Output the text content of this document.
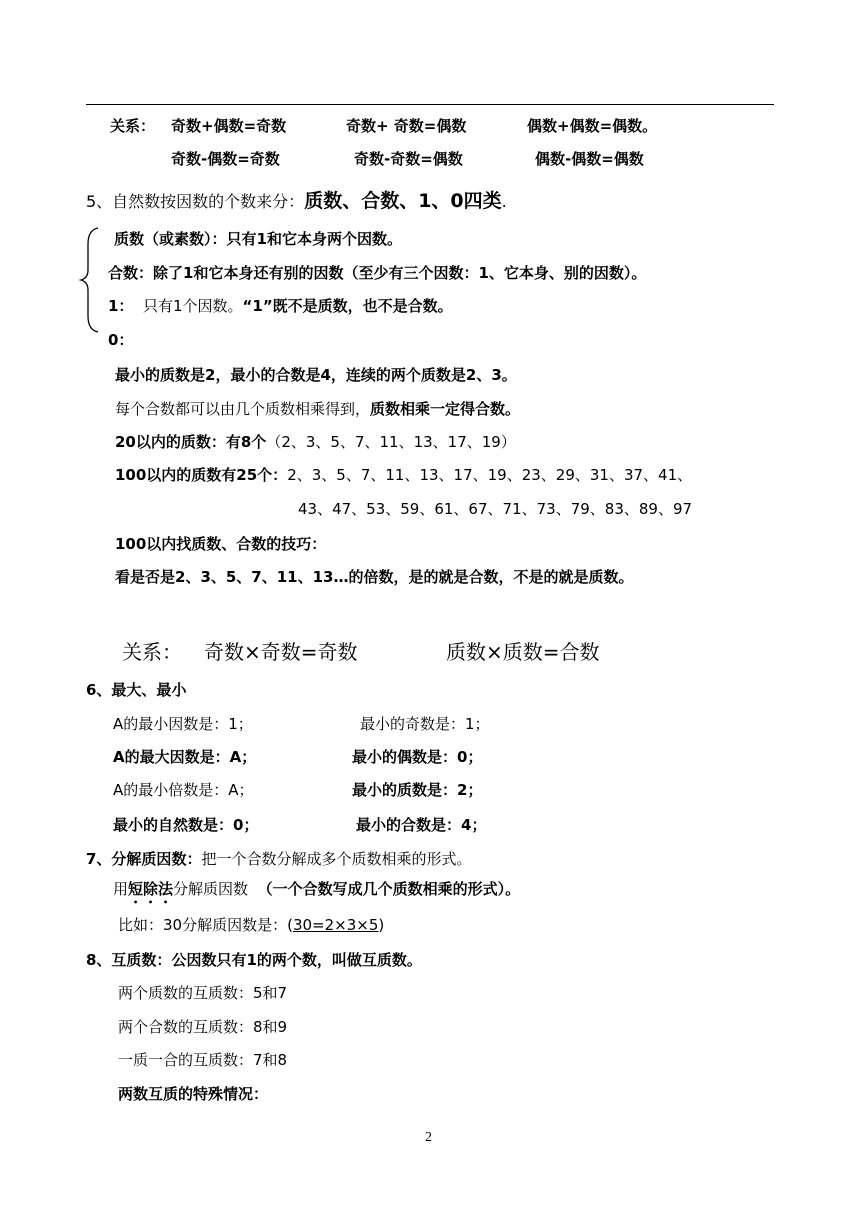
关系： 奇数+偶数=奇数	奇数+ 奇数=偶数	偶数+偶数=偶数。
奇数-偶数=奇数	奇数-奇数=偶数	偶数-偶数=偶数
5、自然数按因数的个数来分：质数、合数、1、0四类.
质数（或素数）：只有1和它本身两个因数。
合数：除了1和它本身还有别的因数（至少有三个因数：1、它本身、别的因数）。
1： 只有1个因数。“1”既不是质数，也不是合数。
0：
最小的质数是2，最小的合数是4，连续的两个质数是2、3。
每个合数都可以由几个质数相乘得到，质数相乘一定得合数。
20以内的质数：有8个（2、3、5、7、11、13、17、19）
100以内的质数有25个：2、3、5、7、11、13、17、19、23、29、31、37、41、
43、47、53、59、61、67、71、73、79、83、89、97
100以内找质数、合数的技巧：
看是否是2、3、5、7、11、13…的倍数，是的就是合数，不是的就是质数。
关系： 奇数×奇数=奇数	质数×质数=合数
6、最大、最小
A的最小因数是：1；	最小的奇数是：1；
A的最大因数是：A；	最小的偶数是：0；
A的最小倍数是：A；	最小的质数是：2；
最小的自然数是：0；	最小的合数是：4；
7、分解质因数：把一个合数分解成多个质数相乘的形式。
用短除法分解质因数 （一个合数写成几个质数相乘的形式）。
比如：30分解质因数是：(30=2×3×5)
8、互质数：公因数只有1的两个数，叫做互质数。
两个质数的互质数：5和7
两个合数的互质数：8和9
一质一合的互质数：7和8
两数互质的特殊情况：
2
